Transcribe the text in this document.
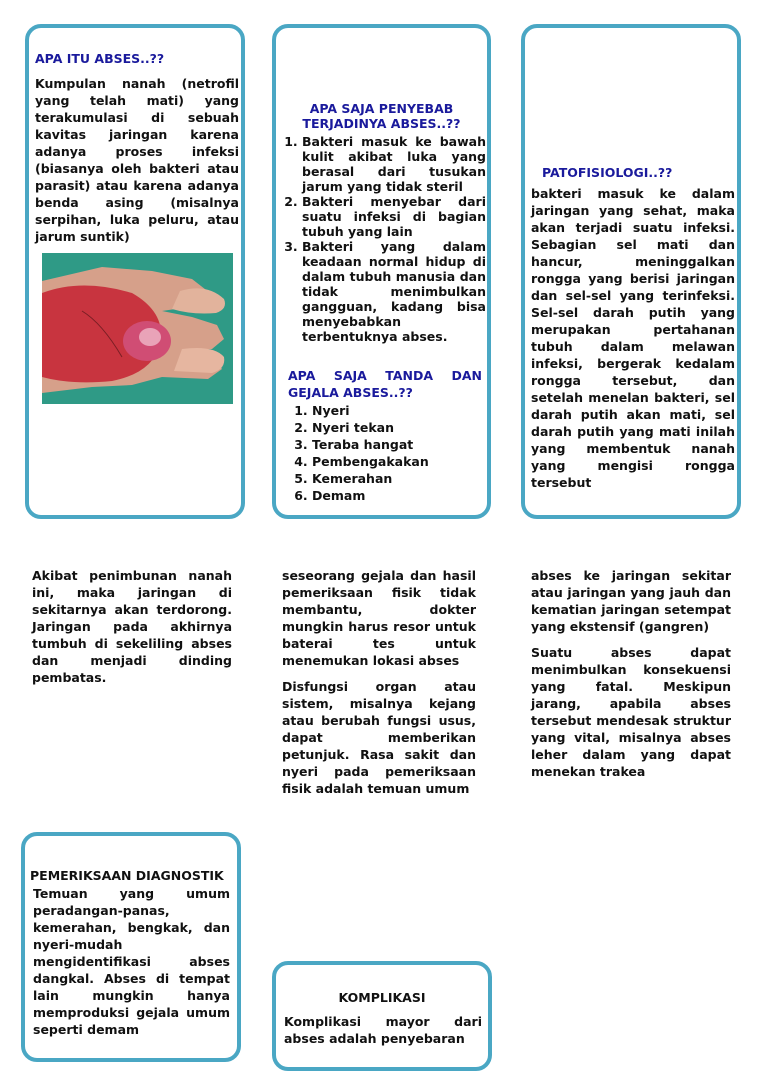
APA ITU ABSES..??

Kumpulan nanah (netrofil yang telah mati) yang terakumulasi di sebuah kavitas jaringan karena adanya proses infeksi (biasanya oleh bakteri atau parasit) atau karena adanya benda asing (misalnya serpihan, luka peluru, atau jarum suntik)

APA SAJA PENYEBAB
TERJADINYA ABSES..??
1. Bakteri masuk ke bawah kulit akibat luka yang berasal dari tusukan jarum yang tidak steril
2. Bakteri menyebar dari suatu infeksi di bagian tubuh yang lain
3. Bakteri yang dalam keadaan normal hidup di dalam tubuh manusia dan tidak menimbulkan gangguan, kadang bisa menyebabkan terbentuknya abses.
APA SAJA TANDA DAN GEJALA ABSES..??
1. Nyeri
2. Nyeri tekan
3. Teraba hangat
4. Pembengakakan
5. Kemerahan
6. Demam
PATOFISIOLOGI..??

bakteri masuk ke dalam jaringan yang sehat, maka akan terjadi suatu infeksi. Sebagian sel mati dan hancur, meninggalkan rongga yang berisi jaringan dan sel-sel yang terinfeksi. Sel-sel darah putih yang merupakan pertahanan tubuh dalam melawan infeksi, bergerak kedalam rongga tersebut, dan setelah menelan bakteri, sel darah putih akan mati, sel darah putih yang mati inilah yang membentuk nanah yang mengisi rongga tersebut

Akibat penimbunan nanah ini, maka jaringan di sekitarnya akan terdorong. Jaringan pada akhirnya tumbuh di sekeliling abses dan menjadi dinding pembatas.

seseorang gejala dan hasil pemeriksaan fisik tidak membantu, dokter mungkin harus resor untuk baterai tes untuk menemukan lokasi abses

Disfungsi organ atau sistem, misalnya kejang atau berubah fungsi usus, dapat memberikan petunjuk. Rasa sakit dan nyeri pada pemeriksaan fisik adalah temuan umum

abses ke jaringan sekitar atau jaringan yang jauh dan kematian jaringan setempat yang ekstensif (gangren)

Suatu abses dapat menimbulkan konsekuensi yang fatal. Meskipun jarang, apabila abses tersebut mendesak struktur yang vital, misalnya abses leher dalam yang dapat menekan trakea

PEMERIKSAAN DIAGNOSTIK

Temuan yang umum peradangan-panas, kemerahan, bengkak, dan nyeri-mudah mengidentifikasi abses dangkal. Abses di tempat lain mungkin hanya memproduksi gejala umum seperti demam

KOMPLIKASI

Komplikasi mayor dari abses adalah penyebaran
